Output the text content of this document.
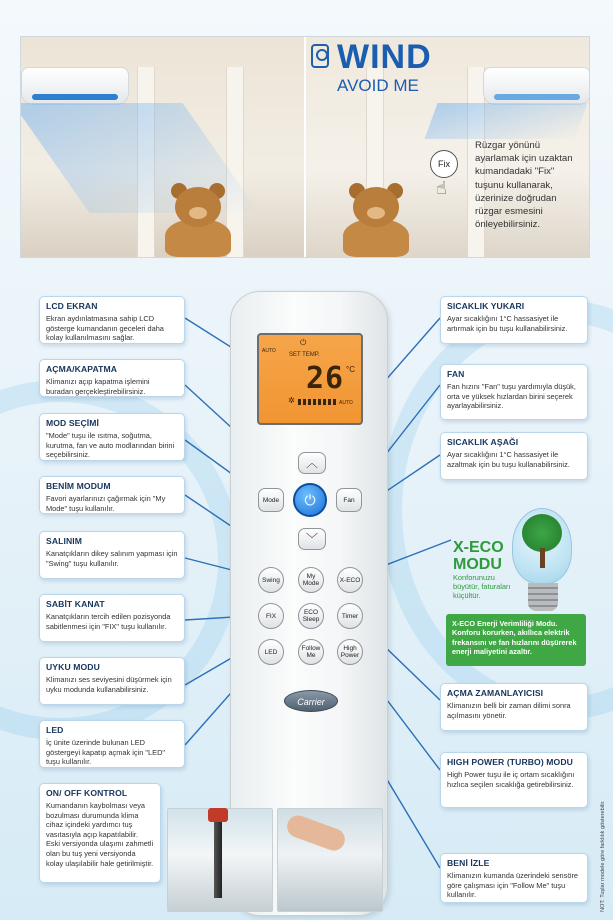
WIND
AVOID ME
Fix
☝
Rüzgar yönünü ayarlamak için uzaktan kumandadaki "Fix" tuşunu kullanarak, üzerinize doğrudan rüzgar esmesini önleyebilirsiniz.
⏻
AUTO
SET TEMP.
26 °C
✲	AUTO
︿
Mode	⏻	Fan
﹀
Swing	My Mode	X-ECO
FIX	ECO Sleep	Timer
LED	Follow Me
High Power
Carrier
LCD EKRAN

Ekran aydınlatmasına sahip LCD gösterge kumandanın geceleri daha kolay kullanılmasını sağlar.

AÇMA/KAPATMA

Klimanızı açıp kapatma işlemini buradan gerçekleştirebilirsiniz.

MOD SEÇİMİ

"Mode" tuşu ile ısıtma, soğutma, kurutma, fan ve auto modlarından birini seçebilirsiniz.

BENİM MODUM

Favori ayarlarınızı çağırmak için "My Mode" tuşu kullanılır.

SALINIM

Kanatçıkların dikey salınım yapması için "Swing" tuşu kullanılır.

SABİT KANAT

Kanatçıkların tercih edilen pozisyonda sabitlenmesi için "FIX" tuşu kullanılır.

UYKU MODU

Klimanızı ses seviyesini düşürmek için uyku modunda kullanabilirsiniz.

LED

İç ünite üzerinde bulunan LED göstergeyi kapatıp açmak için "LED" tuşu kullanılır.

ON/ OFF KONTROL

Kumandanın kaybolması veya bozulması durumunda klima cihaz içindeki yardımcı tuş vasıtasıyla açıp kapatılabilir. Eski versiyonda ulaşımı zahmetli olan bu tuş yeni versiyonda kolay ulaşılabilir hale getirilmiştir.

SICAKLIK YUKARI

Ayar sıcaklığını 1°C hassasiyet ile artırmak için bu tuşu kullanabilirsiniz.

FAN

Fan hızını "Fan" tuşu yardımıyla düşük, orta ve yüksek hızlardan birini seçerek ayarlayabilirsiniz.

SICAKLIK AŞAĞI

Ayar sıcaklığını 1°C hassasiyet ile azaltmak için bu tuşu kullanabilirsiniz.

AÇMA ZAMANLAYICISI

Klimanızın belli bir zaman dilimi sonra açılmasını yönetir.

HIGH POWER (TURBO) MODU

High Power tuşu ile iç ortam sıcaklığını hızlıca seçilen sıcaklığa getirebilirsiniz.

BENİ İZLE

Klimanızın kumanda üzerindeki sensöre göre çalışması için "Follow Me" tuşu kullanılır.

X-ECO
MODU
Konforunuzu büyütür, faturaları küçültür.

X-ECO Enerji Verimliliği Modu. Konforu korurken, akıllıca elektrik frekansını ve fan hızlarını düşürerek enerji maliyetini azaltır.

NOT: Tuşlar modele göre farklılık gösterebilir.
